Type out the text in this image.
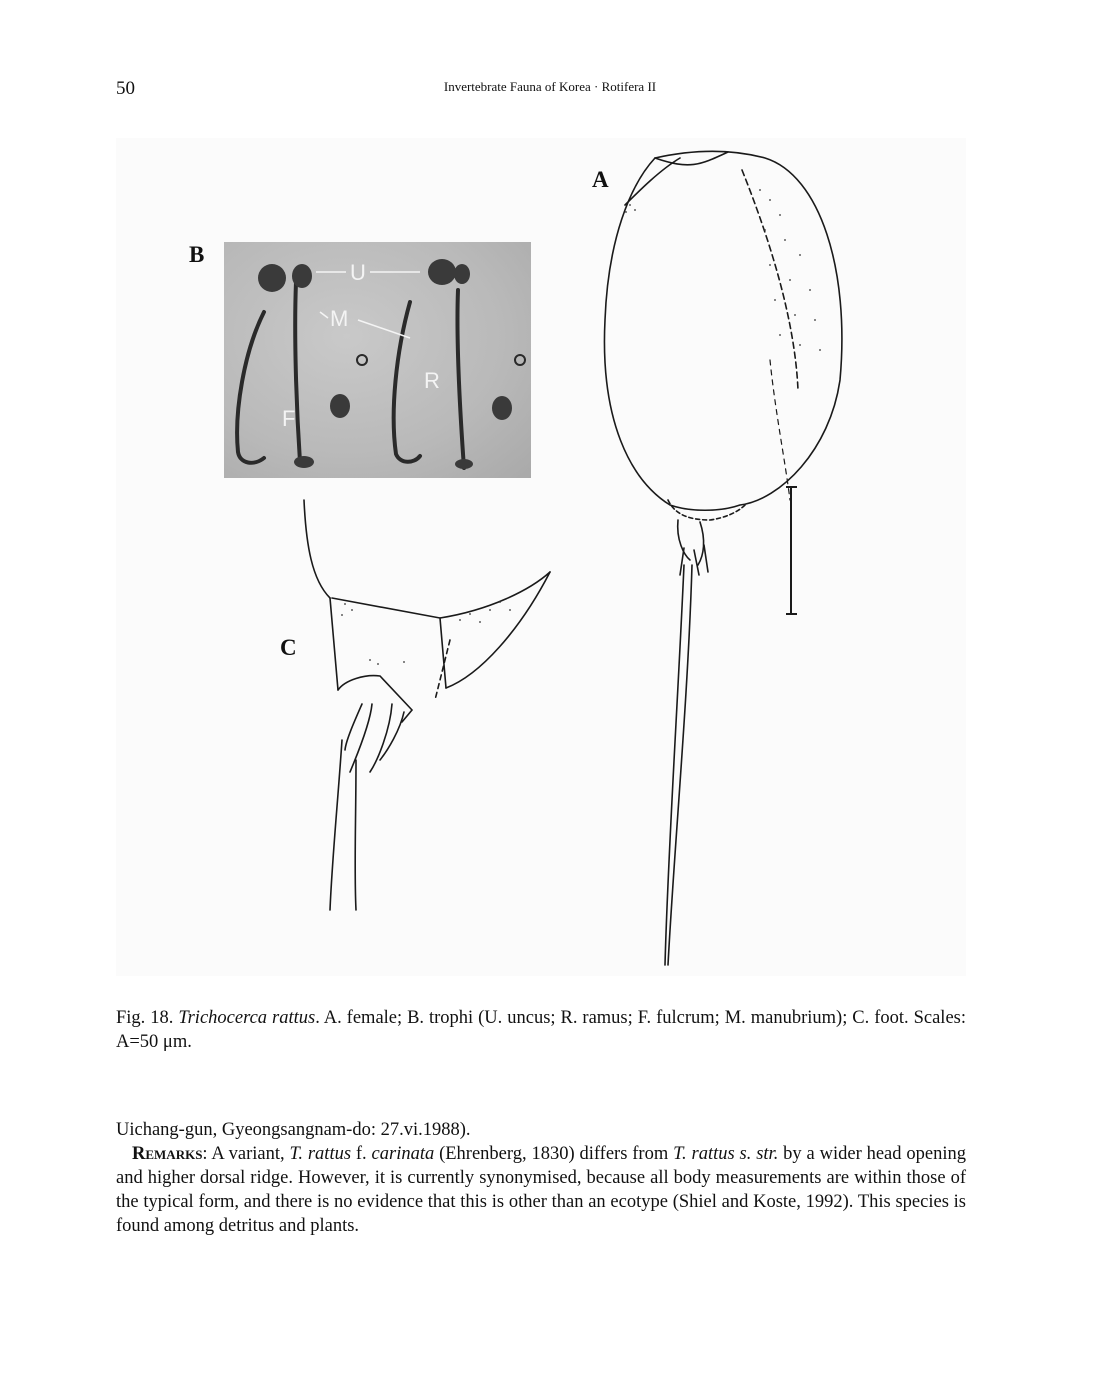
50	Invertebrate Fauna of Korea · Rotifera II
U
M
R
F
A
B
C
Fig. 18. Trichocerca rattus. A. female; B. trophi (U. uncus; R. ramus; F. fulcrum; M. manubrium); C. foot. Scales: A=50 μm.

Uichang-gun, Gyeongsangnam-do: 27.vi.1988).

Remarks: A variant, T. rattus f. carinata (Ehrenberg, 1830) differs from T. rattus s. str. by a wider head opening and higher dorsal ridge. However, it is currently synonymised, because all body measurements are within those of the typical form, and there is no evidence that this is other than an ecotype (Shiel and Koste, 1992). This species is found among detritus and plants.
